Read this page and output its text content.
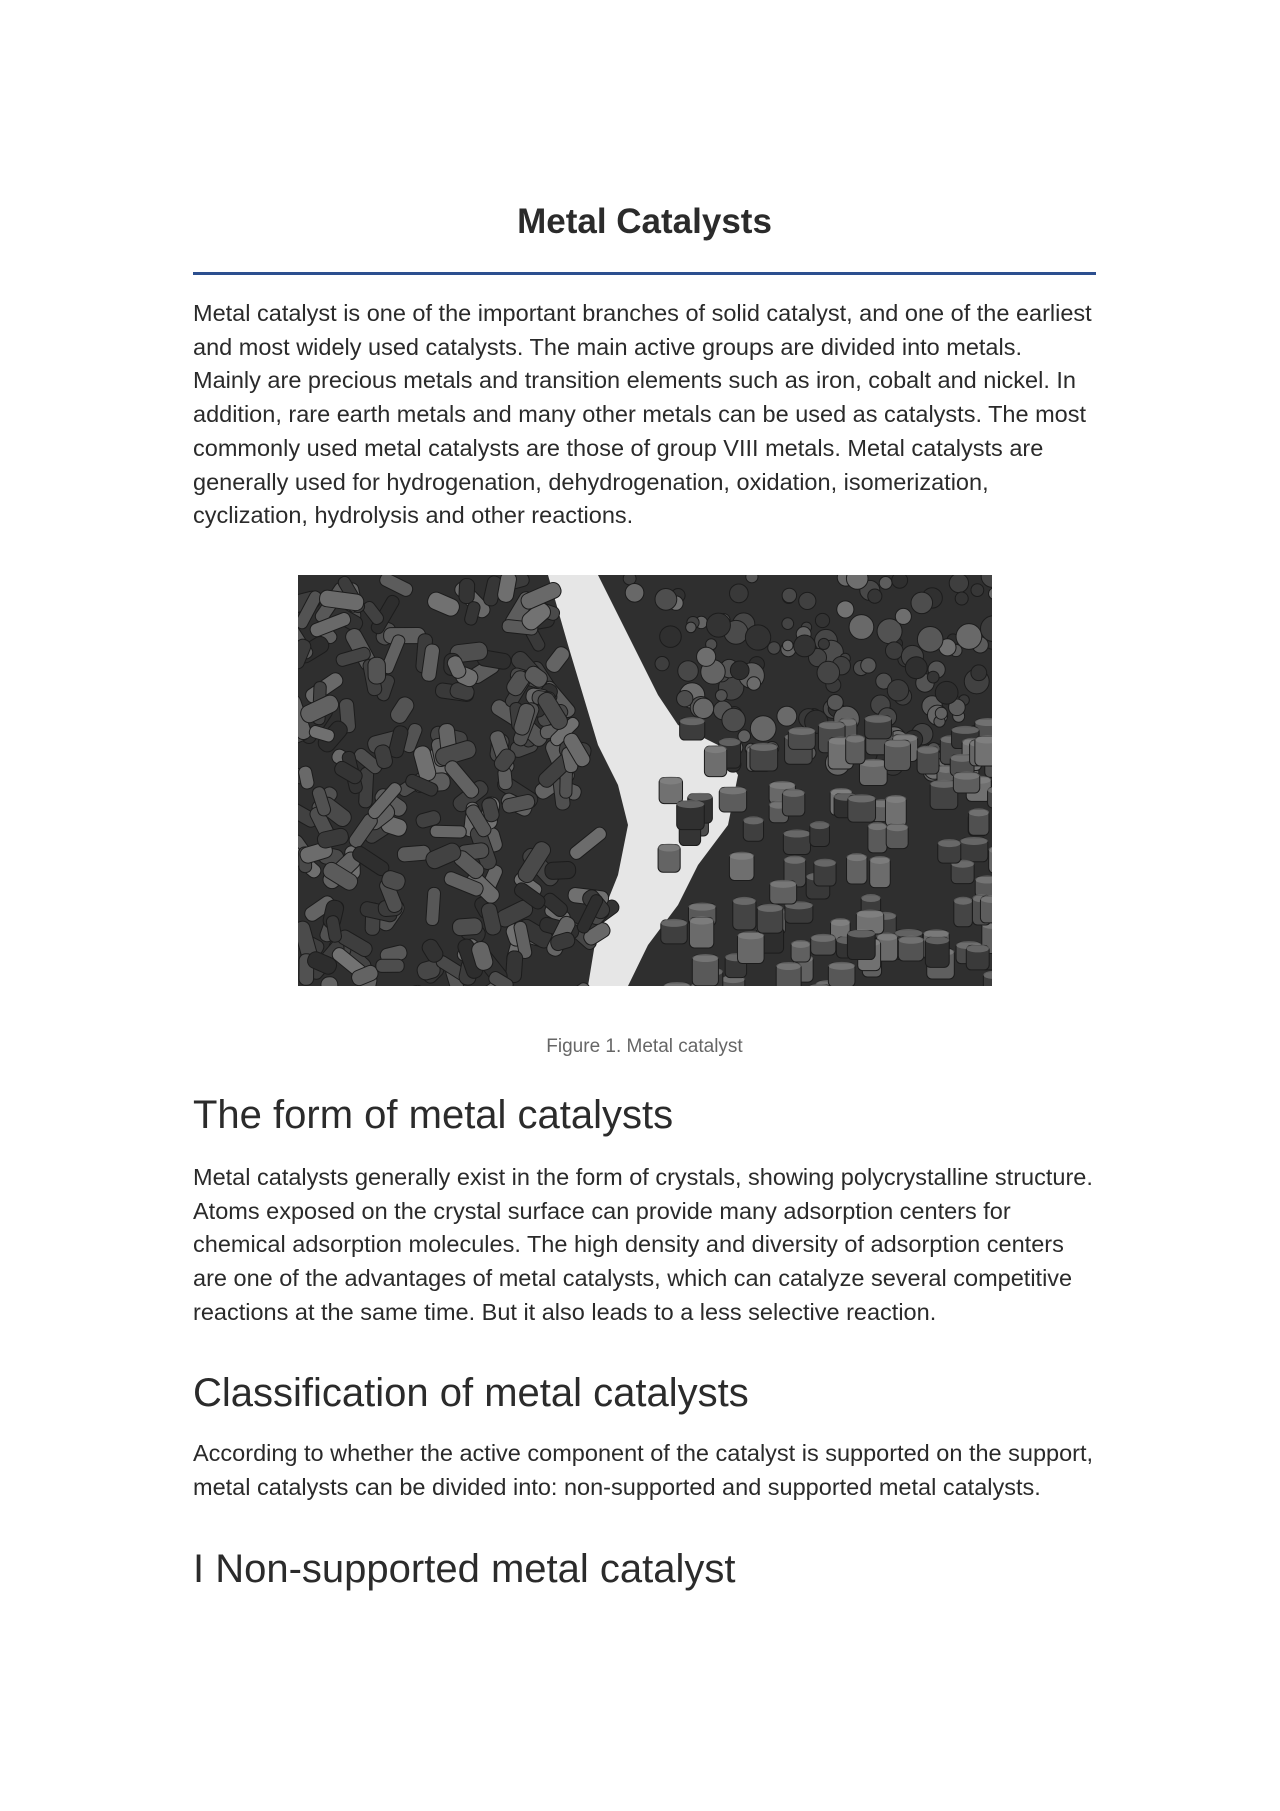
Metal Catalysts

Metal catalyst is one of the important branches of solid catalyst, and one of the earliest and most widely used catalysts. The main active groups are divided into metals. Mainly are precious metals and transition elements such as iron, cobalt and nickel. In addition, rare earth metals and many other metals can be used as catalysts. The most commonly used metal catalysts are those of group VIII metals. Metal catalysts are generally used for hydrogenation, dehydrogenation, oxidation, isomerization, cyclization, hydrolysis and other reactions.

Figure 1. Metal catalyst
The form of metal catalysts

Metal catalysts generally exist in the form of crystals, showing polycrystalline structure. Atoms exposed on the crystal surface can provide many adsorption centers for chemical adsorption molecules. The high density and diversity of adsorption centers are one of the advantages of metal catalysts, which can catalyze several competitive reactions at the same time. But it also leads to a less selective reaction.

Classification of metal catalysts

According to whether the active component of the catalyst is supported on the support, metal catalysts can be divided into: non-supported and supported metal catalysts.

I Non-supported metal catalyst
